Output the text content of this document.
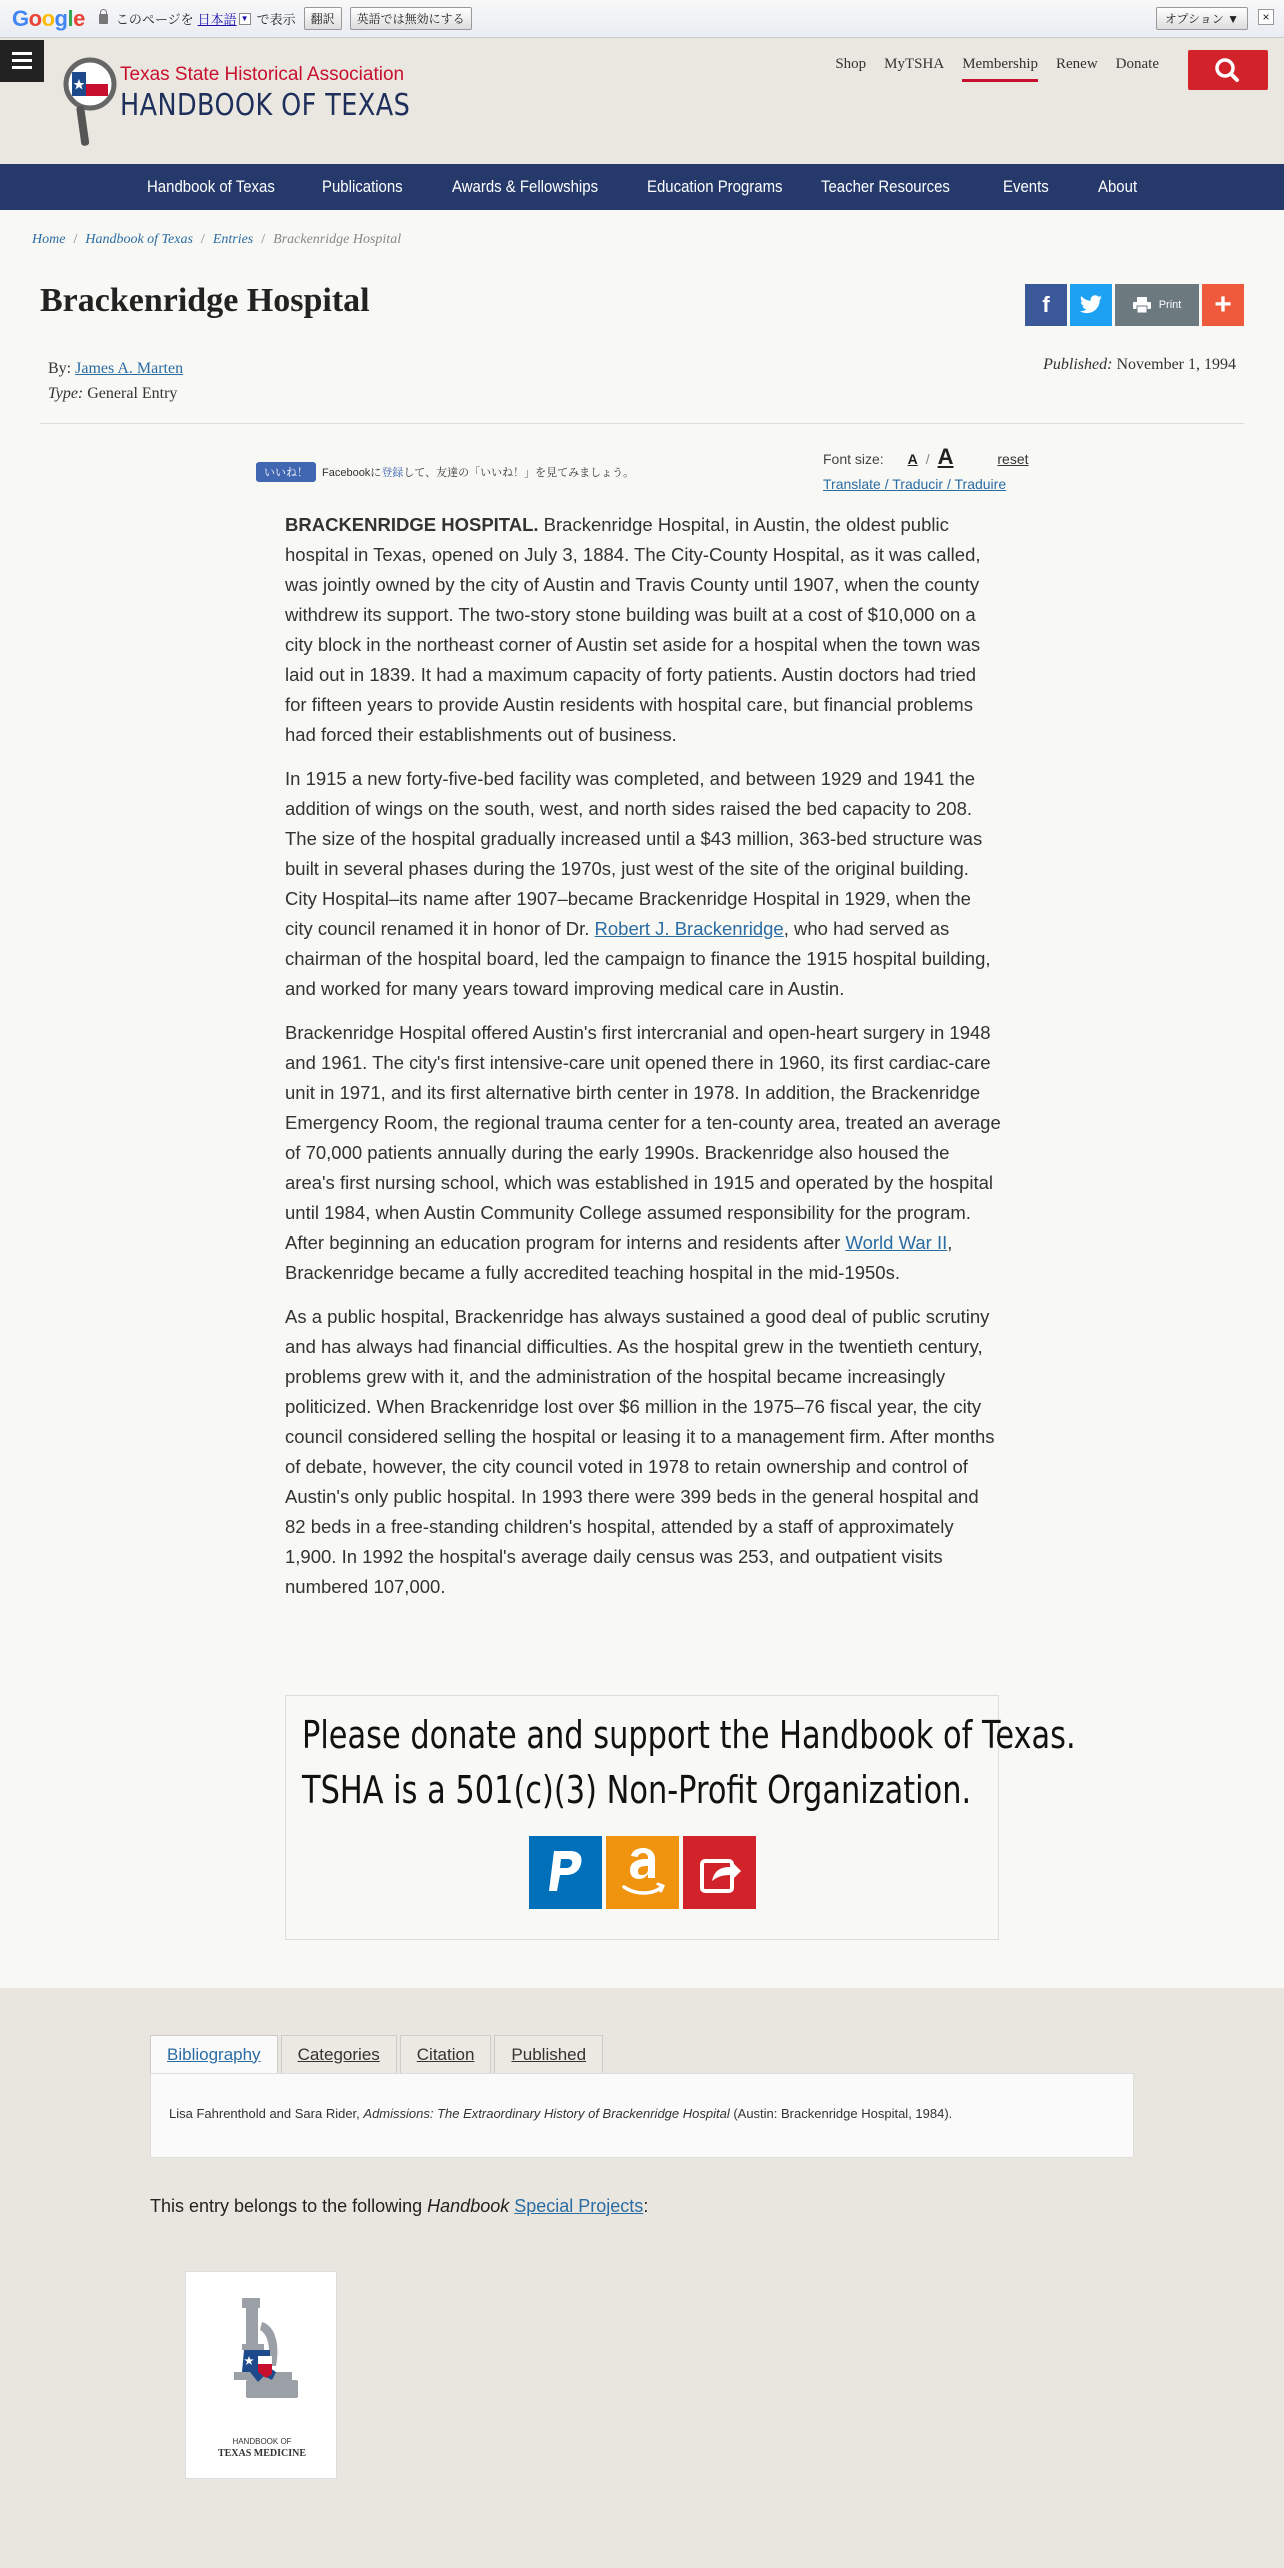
Google このページを 日本語 ▼ で表示	翻訳	英語では無効にする	オプション ▼	×
Texas State Historical Association
HANDBOOK OF TEXAS
Shop MyTSHA Membership Renew Donate
Handbook of Texas	Publications	Awards & Fellowships	Education Programs Teacher Resources	Events	About
Home / Handbook of Texas / Entries / Brackenridge Hospital
Brackenridge Hospital	f	Print +
By: James A. Marten
Type: General Entry
Published: November 1, 1994
いいね！	Facebookに 登録 して、友達の「いいね！」を見てみましょう。
Font size: A / A	reset
Translate / Traducir / Traduire

BRACKENRIDGE HOSPITAL. Brackenridge Hospital, in Austin, the oldest public hospital in Texas, opened on July 3, 1884. The City-County Hospital, as it was called, was jointly owned by the city of Austin and Travis County until 1907, when the county withdrew its support. The two-story stone building was built at a cost of $10,000 on a city block in the northeast corner of Austin set aside for a hospital when the town was laid out in 1839. It had a maximum capacity of forty patients. Austin doctors had tried for fifteen years to provide Austin residents with hospital care, but financial problems had forced their establishments out of business.

In 1915 a new forty-five-bed facility was completed, and between 1929 and 1941 the addition of wings on the south, west, and north sides raised the bed capacity to 208. The size of the hospital gradually increased until a $43 million, 363-bed structure was built in several phases during the 1970s, just west of the site of the original building. City Hospital–its name after 1907–became Brackenridge Hospital in 1929, when the city council renamed it in honor of Dr. Robert J. Brackenridge, who had served as chairman of the hospital board, led the campaign to finance the 1915 hospital building, and worked for many years toward improving medical care in Austin.

Brackenridge Hospital offered Austin's first intercranial and open-heart surgery in 1948 and 1961. The city's first intensive-care unit opened there in 1960, its first cardiac-care unit in 1971, and its first alternative birth center in 1978. In addition, the Brackenridge Emergency Room, the regional trauma center for a ten-county area, treated an average of 70,000 patients annually during the early 1990s. Brackenridge also housed the area's first nursing school, which was established in 1915 and operated by the hospital until 1984, when Austin Community College assumed responsibility for the program. After beginning an education program for interns and residents after World War II, Brackenridge became a fully accredited teaching hospital in the mid-1950s.

As a public hospital, Brackenridge has always sustained a good deal of public scrutiny and has always had financial difficulties. As the hospital grew in the twentieth century, problems grew with it, and the administration of the hospital became increasingly politicized. When Brackenridge lost over $6 million in the 1975–76 fiscal year, the city council considered selling the hospital or leasing it to a management firm. After months of debate, however, the city council voted in 1978 to retain ownership and control of Austin's only public hospital. In 1993 there were 399 beds in the general hospital and 82 beds in a free-standing children's hospital, attended by a staff of approximately 1,900. In 1992 the hospital's average daily census was 253, and outpatient visits numbered 107,000.

Please donate and support the Handbook of Texas.
TSHA is a 501(c)(3) Non-Profit Organization.
Bibliography	Categories	Citation	Published
Lisa Fahrenthold and Sara Rider, Admissions: The Extraordinary History of Brackenridge Hospital (Austin: Brackenridge Hospital, 1984).
This entry belongs to the following Handbook Special Projects:
HANDBOOK OF
TEXAS MEDICINE
